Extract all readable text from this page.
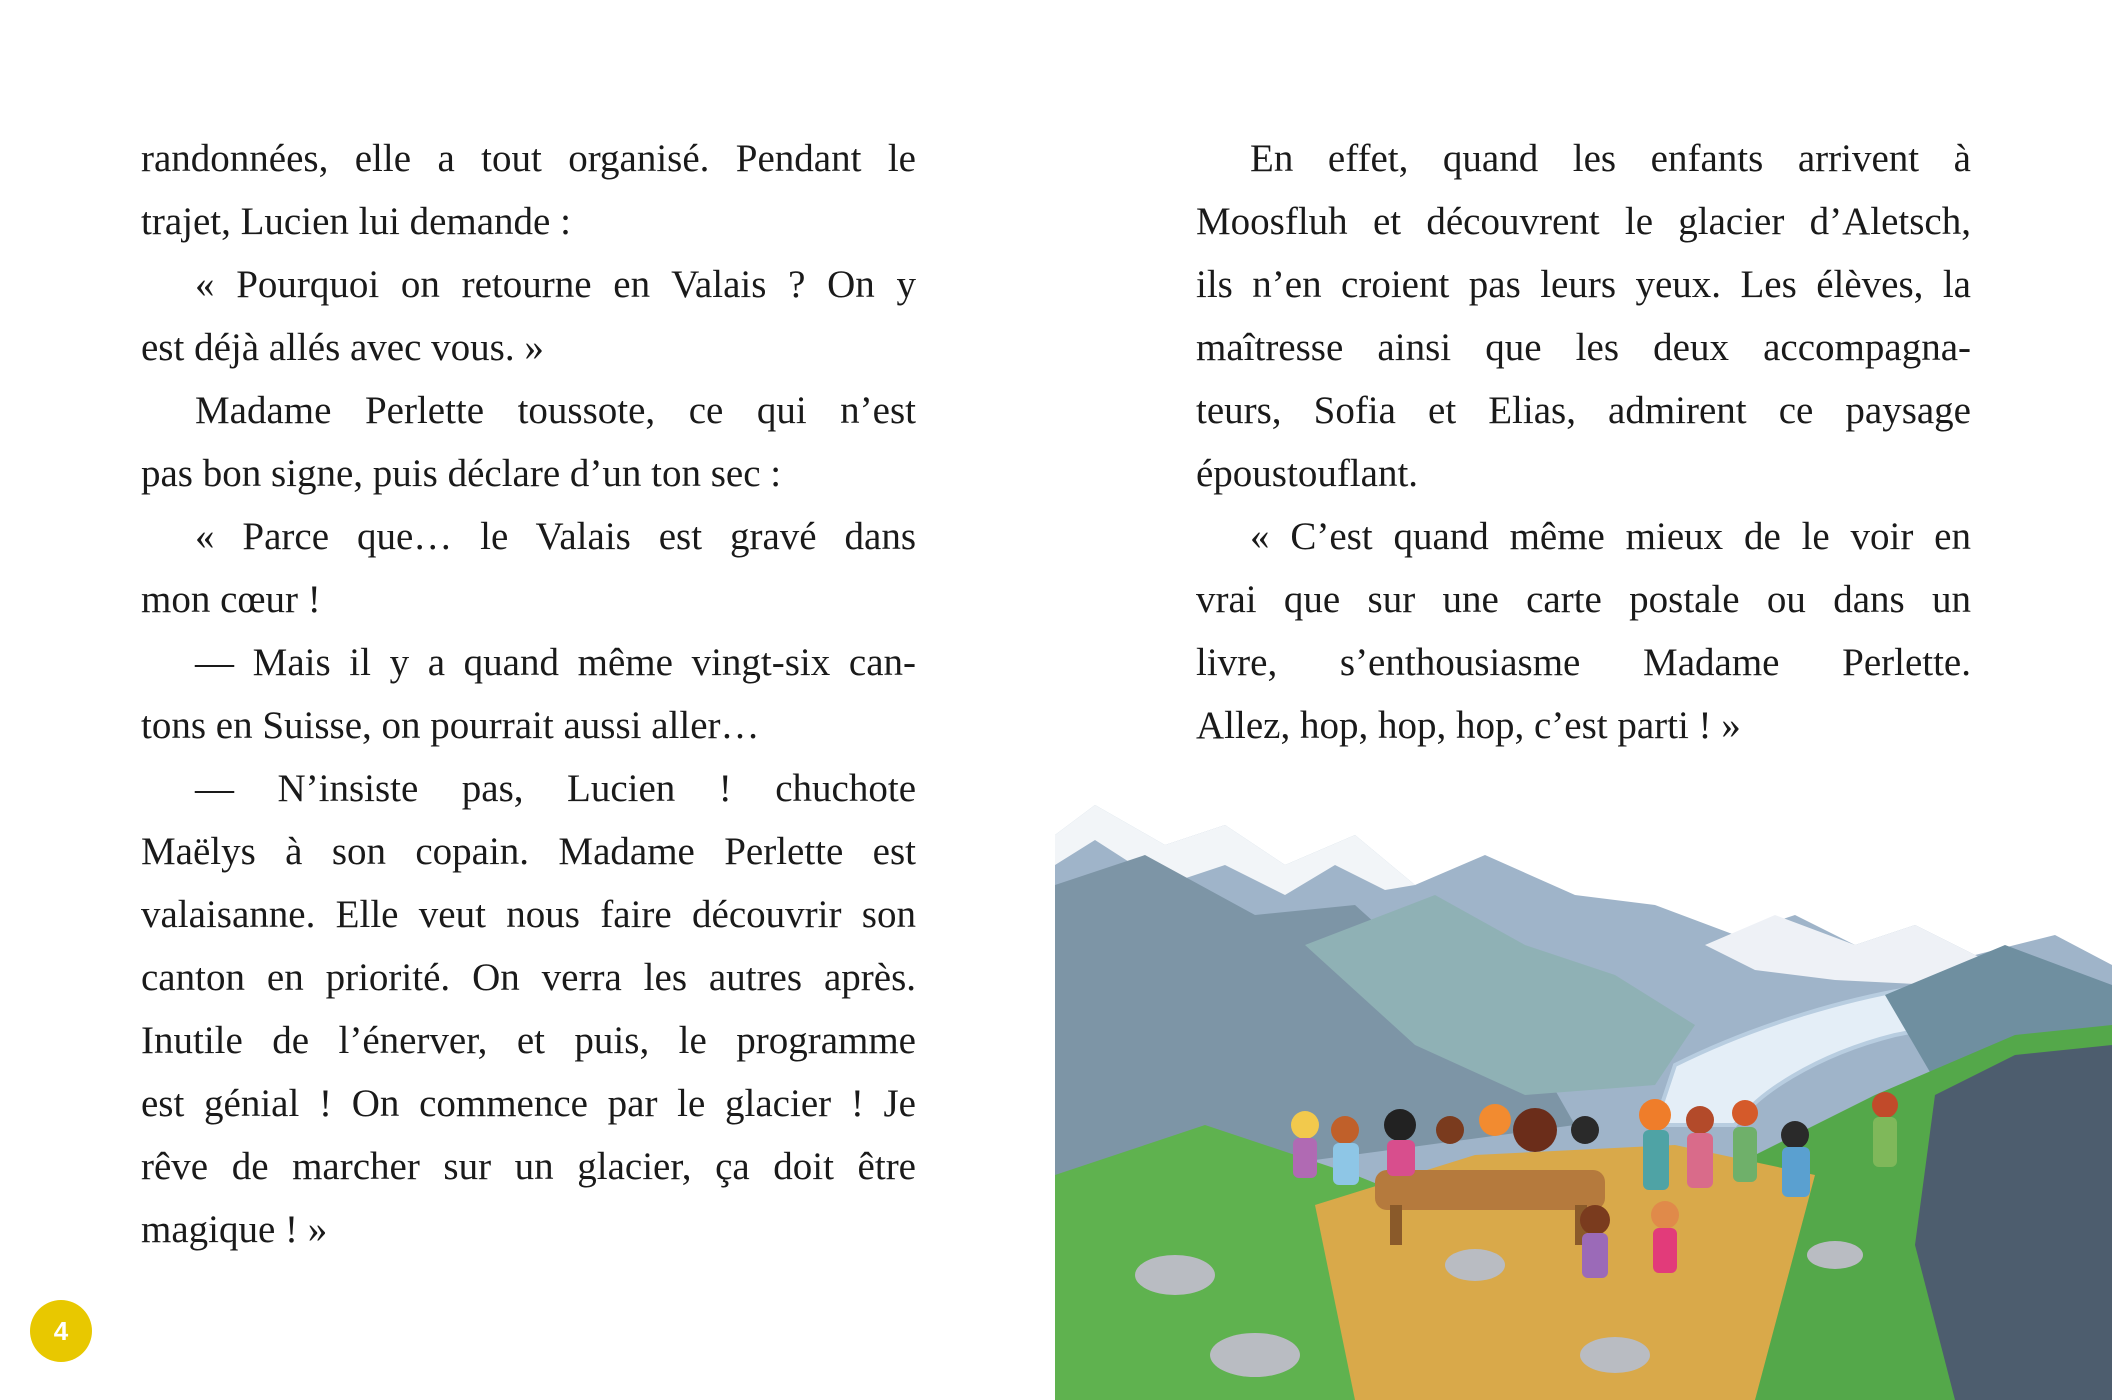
randonnées, elle a tout organisé. Pendant le
trajet, Lucien lui demande :
« Pourquoi on retourne en Valais ? On y
est déjà allés avec vous. »
Madame Perlette toussote, ce qui n’est
pas bon signe, puis déclare d’un ton sec :
« Parce que… le Valais est gravé dans
mon cœur !
— Mais il y a quand même vingt-six can-
tons en Suisse, on pourrait aussi aller…
— N’insiste pas, Lucien ! chuchote
Maëlys à son copain. Madame Perlette est
valaisanne. Elle veut nous faire découvrir son
canton en priorité. On verra les autres après.
Inutile de l’énerver, et puis, le programme
est génial ! On commence par le glacier ! Je
rêve de marcher sur un glacier, ça doit être
magique ! »
En effet, quand les enfants arrivent à
Moosfluh et découvrent le glacier d’Aletsch,
ils n’en croient pas leurs yeux. Les élèves, la
maîtresse ainsi que les deux accompagna-
teurs, Sofia et Elias, admirent ce paysage
époustouflant.
« C’est quand même mieux de le voir en
vrai que sur une carte postale ou dans un
livre, s’enthousiasme Madame Perlette.
Allez, hop, hop, hop, c’est parti ! »
4
